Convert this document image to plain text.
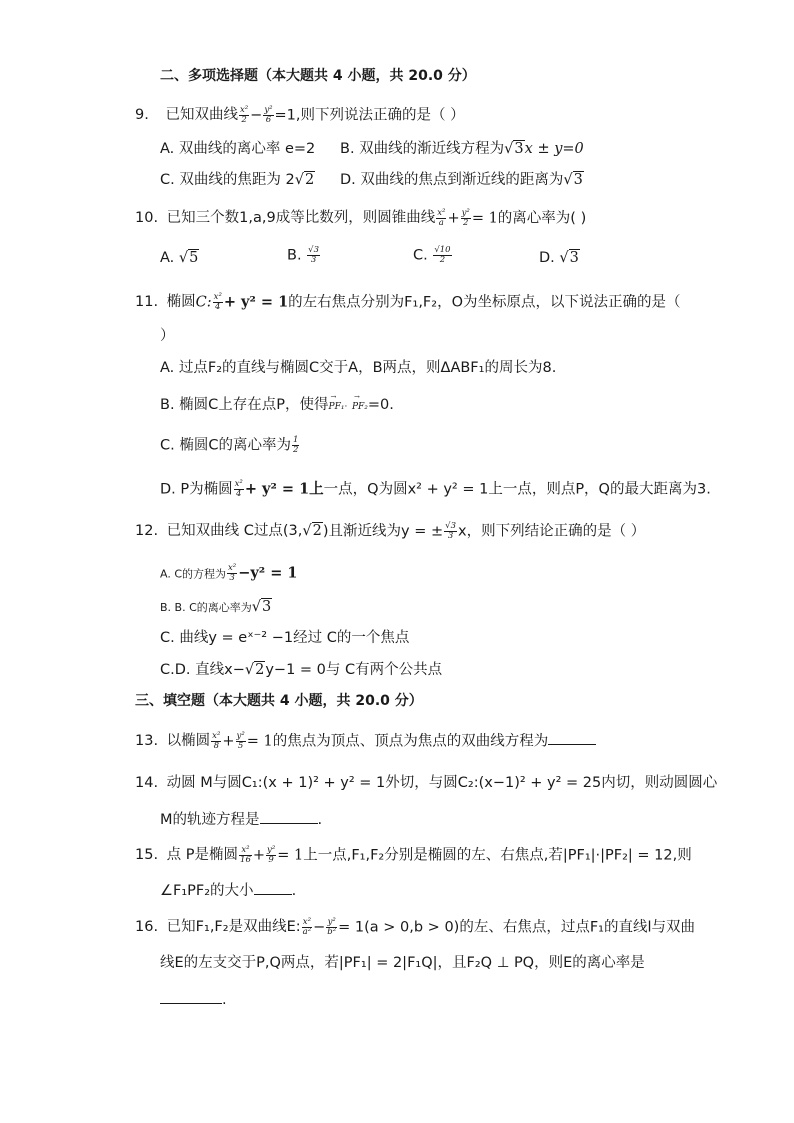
二、多项选择题（本大题共 4 小题，共 20.0 分）
9. 已知双曲线 $\frac{\text{x²}}{2} - \frac{\text{y²}}{6} =1$,则下列说法正确的是（ ）
A. 双曲线的离心率 e=2 B. 双曲线的渐近线方程为√3x ± y=0
C. 双曲线的焦距为 2√2 D. 双曲线的焦点到渐近线的距离为√3
10. 已知三个数1,a,9成等比数列，则圆锥曲线 $\frac{\text{x²}}{a} + \frac{\text{y²}}{2} = 1$的离心率为( )
A. √5	B. $\frac{√3}{3}$	C. $\frac{√10}{2}$	D. √3
11. 椭圆C: $\frac{\text{x²}}{4} + y^2 = 1$的左右焦点分别为F₁,F₂，O为坐标原点，以下说法正确的是（
）
A. 过点F₂的直线与椭圆C交于A，B两点，则ΔABF₁的周长为8.
B. 椭圆C上存在点P，使得→ PF₁· → PF₂=0.
C. 椭圆C的离心率为 $\frac{1}{2}$
D. P为椭圆 $\frac{\text{x²}}{4} + y^2 = 1$上一点，Q为圆x² + y² = 1上一点，则点P，Q的最大距离为3.
12. 已知双曲线 C过点(3,√2)且渐近线为y = ± $\frac{√3}{3}$ x，则下列结论正确的是（ ）
A. C的方程为 $\frac{\text{x²}}{3} -y^2 = 1$
B. B. C的离心率为√3
C. 曲线y = eˣ⁻² −1经过 C的一个焦点
C.D. 直线x−√2y−1 = 0与 C有两个公共点
三、填空题（本大题共 4 小题，共 20.0 分）
13. 以椭圆 $\frac{\text{x²}}{8} + \frac{\text{y²}}{5} = 1$的焦点为顶点、顶点为焦点的双曲线方程为
14. 动圆 M与圆C₁:(x + 1)² + y² = 1外切，与圆C₂:(x−1)² + y² = 25内切，则动圆圆心
M的轨迹方程是	.
15. 点 P是椭圆 $\frac{\text{x²}}{16} + \frac{\text{y²}}{9} = 1$上一点,F₁,F₂分别是椭圆的左、右焦点,若|PF₁|·|PF₂| = 12,则
∠F₁PF₂的大小	.
16. 已知F₁,F₂是双曲线E: $\frac{\text{x²}}{\text{a²}} - \frac{\text{y²}}{\text{b²}} = 1(a > 0,b > 0)$的左、右焦点，过点F₁的直线l与双曲
线E的左支交于P,Q两点，若|PF₁| = 2|F₁Q|，且F₂Q ⊥ PQ，则E的离心率是
.
